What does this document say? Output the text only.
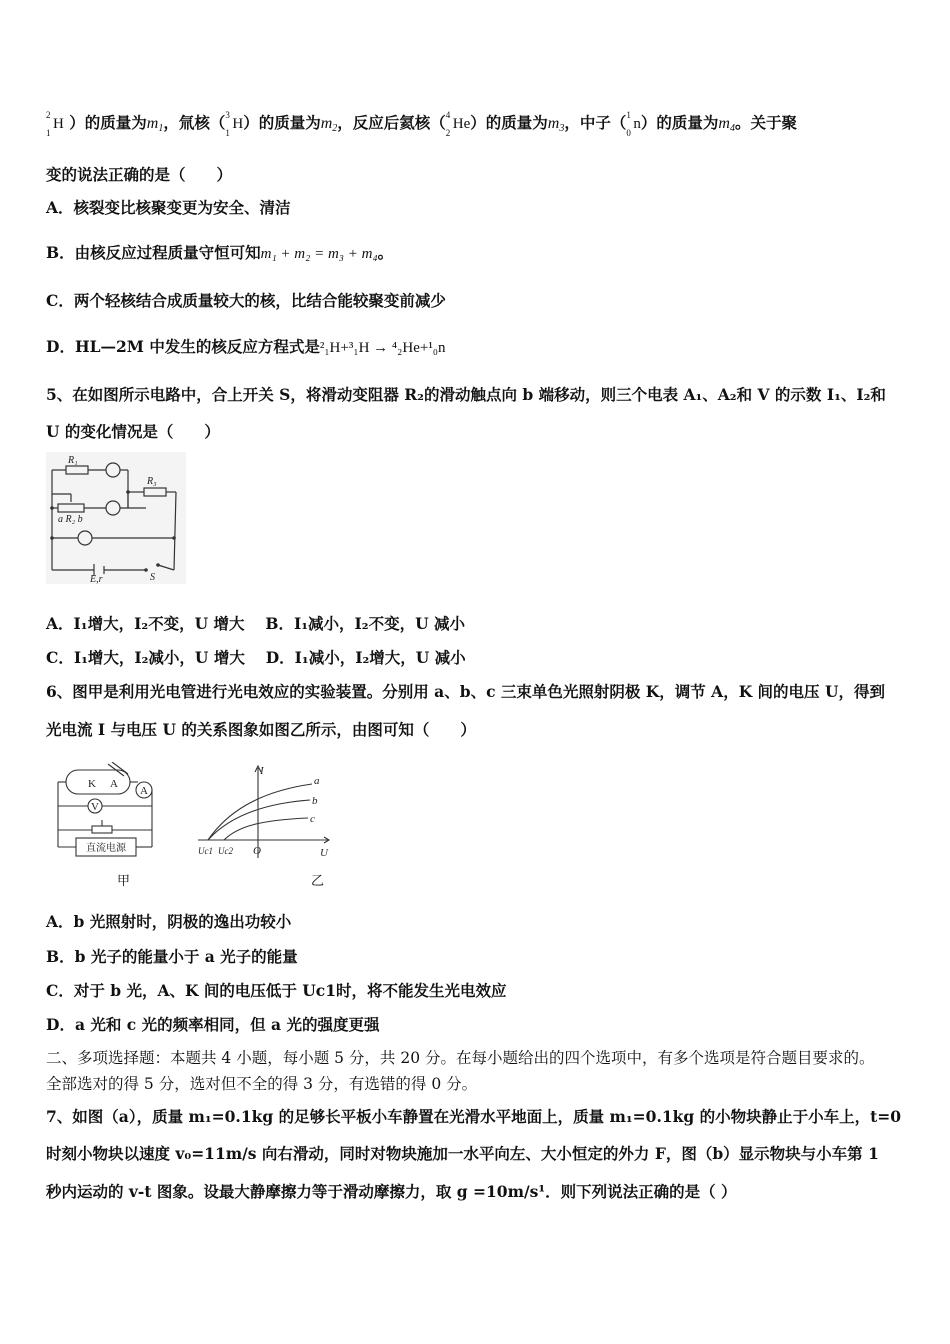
2
1
H ）的质量为m1，氚核（ 3
1
H）的质量为m2，反应后氦核（ 4
2
He）的质量为m3，中子（ 1
0
n）的质量为m4。关于聚
变的说法正确的是（　　）
A．核裂变比核聚变更为安全、清洁
B．由核反应过程质量守恒可知m₁ + m₂ = m₃ + m₄。
C．两个轻核结合成质量较大的核，比结合能较聚变前减少
D．HL—2M 中发生的核反应方程式是²₁H+³₁H → ⁴₂He+¹₀n
5、在如图所示电路中，合上开关 S，将滑动变阻器 R₂的滑动触点向 b 端移动，则三个电表 A₁、A₂和 V 的示数 I₁、I₂和
U 的变化情况是（　　）
R₁
a R₂ b
R₃
E,r	S
A．I₁增大，I₂不变，U 增大　 B．I₁减小，I₂不变，U 减小
C．I₁增大，I₂减小，U 增大　 D．I₁减小，I₂增大，U 减小
6、图甲是利用光电管进行光电效应的实验装置。分别用 a、b、c 三束单色光照射阴极 K，调节 A，K 间的电压 U，得到
光电流 I 与电压 U 的关系图象如图乙所示，由图可知（　　）
K A
A
V
直流电源
甲
I
a
b
c
U
O
Uc1 Uc2
乙
A．b 光照射时，阴极的逸出功较小
B．b 光子的能量小于 a 光子的能量
C．对于 b 光，A、K 间的电压低于 Uc1时，将不能发生光电效应
D．a 光和 c 光的频率相同，但 a 光的强度更强
二、多项选择题：本题共 4 小题，每小题 5 分，共 20 分。在每小题给出的四个选项中，有多个选项是符合题目要求的。
全部选对的得 5 分，选对但不全的得 3 分，有选错的得 0 分。
7、如图（a），质量 m₁=0.1kg 的足够长平板小车静置在光滑水平地面上，质量 m₁=0.1kg 的小物块静止于小车上，t=0
时刻小物块以速度 v₀=11m/s 向右滑动，同时对物块施加一水平向左、大小恒定的外力 F，图（b）显示物块与小车第 1
秒内运动的 v-t 图象。设最大静摩擦力等于滑动摩擦力，取 g =10m/s¹．则下列说法正确的是（ ）
